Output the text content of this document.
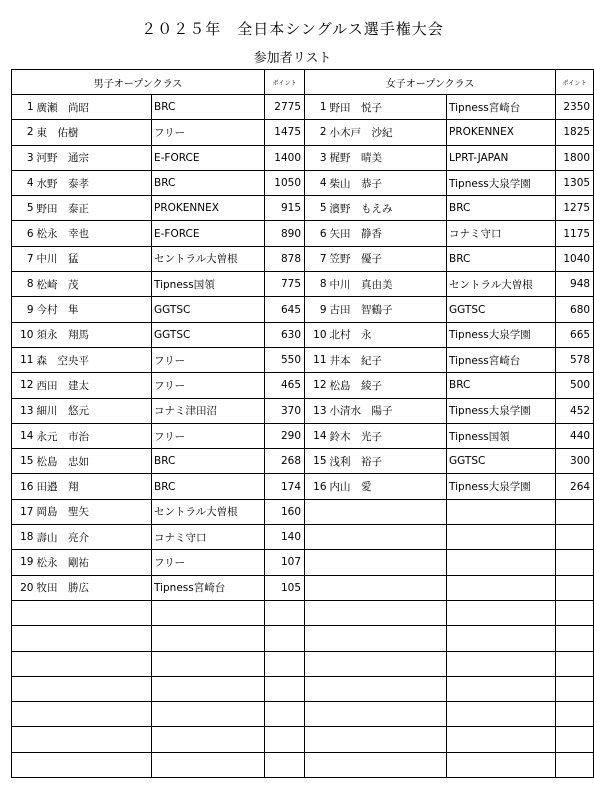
２０２５年　全日本シングルス選手権大会
参加者リスト
男子オープンクラス			ポイント	女子オープンクラス			ポイント
1	廣瀬　尚昭	BRC	2775	1	野田　悦子	Tipness宮崎台	2350
2	東　佑樹	フリー	1475	2	小木戸　沙紀	PROKENNEX	1825
3	河野　通宗	E-FORCE	1400	3	梶野　晴美	LPRT-JAPAN	1800
4	水野　泰孝	BRC	1050	4	柴山　恭子	Tipness大泉学園	1305
5	野田　泰正	PROKENNEX	915	5	濱野　もえみ	BRC	1275
6	松永　幸也	E-FORCE	890	6	矢田　静香	コナミ守口	1175
7	中川　猛	セントラル大曽根	878	7	笠野　優子	BRC	1040
8	松崎　茂	Tipness国領	775	8	中川　真由美	セントラル大曽根	948
9	今村　隼	GGTSC	645	9	古田　智鶴子	GGTSC	680
10	須永　翔馬	GGTSC	630	10	北村　永	Tipness大泉学園	665
11	森　空央平	フリー	550	11	井本　紀子	Tipness宮崎台	578
12	西田　建太	フリー	465	12	松島　綾子	BRC	500
13	細川　悠元	コナミ津田沼	370	13	小清水　陽子	Tipness大泉学園	452
14	永元　市治	フリー	290	14	鈴木　光子	Tipness国領	440
15	松島　忠如	BRC	268	15	浅利　裕子	GGTSC	300
16	田邉　翔	BRC	174	16	内山　愛	Tipness大泉学園	264
17	岡島　聖矢	セントラル大曽根	160				
18	壽山　亮介	コナミ守口	140				
19	松永　剛祐	フリー	107				
20	牧田　勝広	Tipness宮崎台	105				
